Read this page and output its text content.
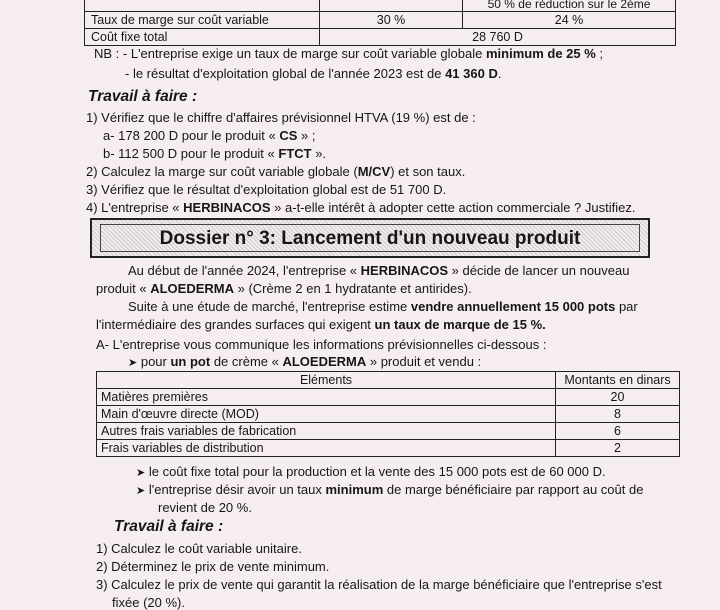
		50 % de réduction sur le 2ème
Taux de marge sur coût variable	30 %	24 %
Coût fixe total	28 760 D	
NB : - L'entreprise exige un taux de marge sur coût variable globale minimum de 25 % ;
- le résultat d'exploitation global de l'année 2023 est de 41 360 D.
Travail à faire :
1) Vérifiez que le chiffre d'affaires prévisionnel HTVA (19 %) est de :
a- 178 200 D pour le produit « CS » ;
b- 112 500 D pour le produit « FTCT ».
2) Calculez la marge sur coût variable globale (M/CV) et son taux.
3) Vérifiez que le résultat d'exploitation global est de 51 700 D.
4) L'entreprise « HERBINACOS » a-t-elle intérêt à adopter cette action commerciale ? Justifiez.
Dossier n° 3: Lancement d'un nouveau produit
Au début de l'année 2024, l'entreprise « HERBINACOS » décide de lancer un nouveau
produit « ALOEDERMA » (Crème 2 en 1 hydratante et antirides).
Suite à une étude de marché, l'entreprise estime vendre annuellement 15 000 pots par
l'intermédiaire des grandes surfaces qui exigent un taux de marque de 15 %.
A- L'entreprise vous communique les informations prévisionnelles ci-dessous :
➤ pour un pot de crème « ALOEDERMA » produit et vendu :
Eléments	Montants en dinars
Matières premières	20
Main d'œuvre directe (MOD)	8
Autres frais variables de fabrication	6
Frais variables de distribution	2
➤ le coût fixe total pour la production et la vente des 15 000 pots est de 60 000 D.
➤ l'entreprise désir avoir un taux minimum de marge bénéficiaire par rapport au coût de
revient de 20 %.
Travail à faire :
1) Calculez le coût variable unitaire.
2) Déterminez le prix de vente minimum.
3) Calculez le prix de vente qui garantit la réalisation de la marge bénéficiaire que l'entreprise s'est
fixée (20 %).
